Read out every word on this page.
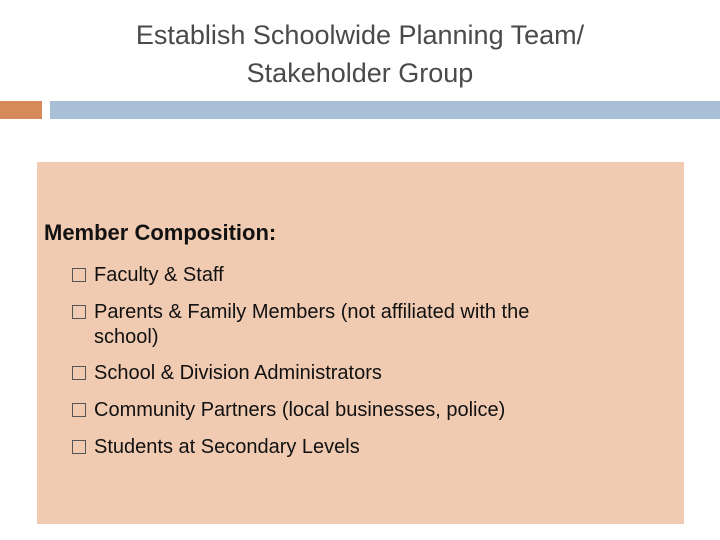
Establish Schoolwide Planning Team/
Stakeholder Group
Member Composition:
Faculty & Staff
Parents & Family Members (not affiliated with the
school)
School & Division Administrators
Community Partners (local businesses, police)
Students at Secondary Levels
